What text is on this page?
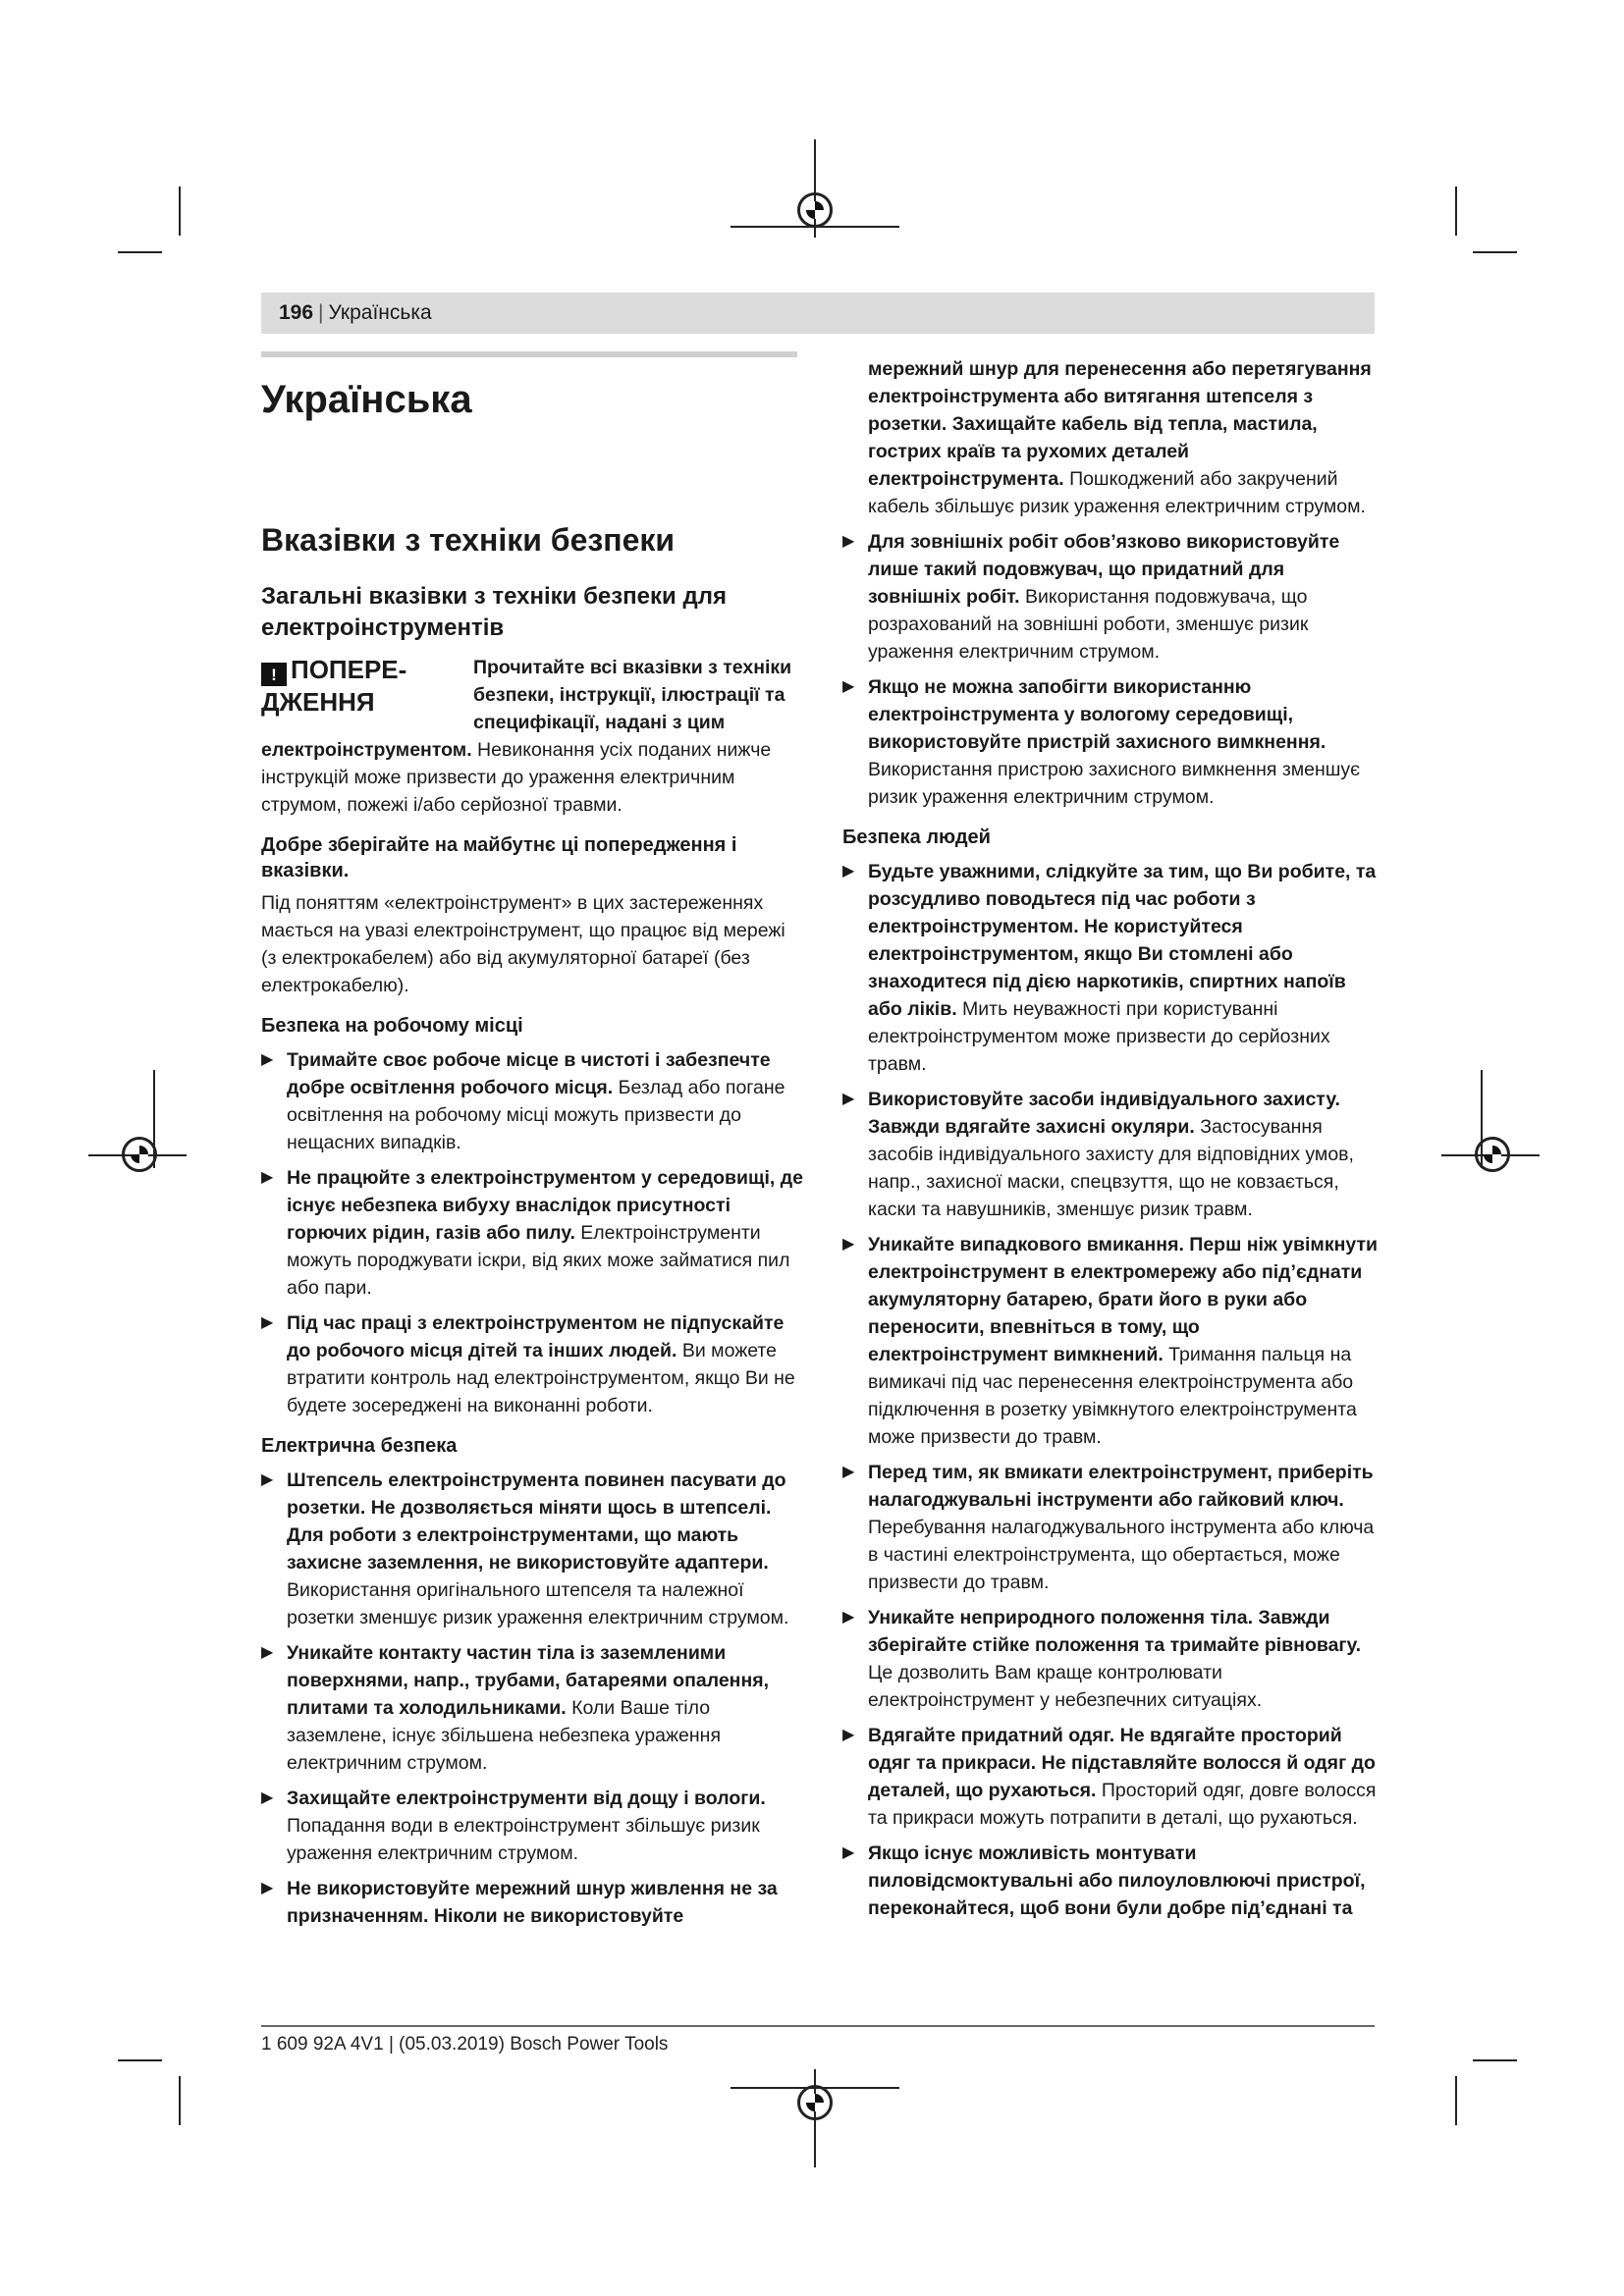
196 | Українська
Українська
Вказівки з техніки безпеки
Загальні вказівки з техніки безпеки для електроінструментів
! ПОПЕРЕ-ДЖЕННЯ
Прочитайте всі вказівки з техніки безпеки, інструкції, ілюстрації та специфікації, надані з цим

електроінструментом. Невиконання усіх поданих нижче інструкцій може призвести до ураження електричним струмом, пожежі і/або серйозної травми.

Добре зберігайте на майбутнє ці попередження і вказівки.

Під поняттям «електроінструмент» в цих застереженнях мається на увазі електроінструмент, що працює від мережі (з електрокабелем) або від акумуляторної батареї (без електрокабелю).

Безпека на робочому місці
▶ Тримайте своє робоче місце в чистоті і забезпечте добре освітлення робочого місця. Безлад або погане освітлення на робочому місці можуть призвести до нещасних випадків.
▶ Не працюйте з електроінструментом у середовищі, де існує небезпека вибуху внаслідок присутності горючих рідин, газів або пилу. Електроінструменти можуть породжувати іскри, від яких може займатися пил або пари.
▶ Під час праці з електроінструментом не підпускайте до робочого місця дітей та інших людей. Ви можете втратити контроль над електроінструментом, якщо Ви не будете зосереджені на виконанні роботи.
Електрична безпека
▶ Штепсель електроінструмента повинен пасувати до розетки. Не дозволяється міняти щось в штепселі. Для роботи з електроінструментами, що мають захисне заземлення, не використовуйте адаптери. Використання оригінального штепселя та належної розетки зменшує ризик ураження електричним струмом.
▶ Уникайте контакту частин тіла із заземленими поверхнями, напр., трубами, батареями опалення, плитами та холодильниками. Коли Ваше тіло заземлене, існує збільшена небезпека ураження електричним струмом.
▶ Захищайте електроінструменти від дощу і вологи. Попадання води в електроінструмент збільшує ризик ураження електричним струмом.
▶ Не використовуйте мережний шнур живлення не за призначенням. Ніколи не використовуйте

мережний шнур для перенесення або перетягування електроінструмента або витягання штепселя з розетки. Захищайте кабель від тепла, мастила, гострих країв та рухомих деталей електроінструмента. Пошкоджений або закручений кабель збільшує ризик ураження електричним струмом.

▶ Для зовнішніх робіт обов’язково використовуйте лише такий подовжувач, що придатний для зовнішніх робіт. Використання подовжувача, що розрахований на зовнішні роботи, зменшує ризик ураження електричним струмом.
▶ Якщо не можна запобігти використанню електроінструмента у вологому середовищі, використовуйте пристрій захисного вимкнення. Використання пристрою захисного вимкнення зменшує ризик ураження електричним струмом.
Безпека людей
▶ Будьте уважними, слідкуйте за тим, що Ви робите, та розсудливо поводьтеся під час роботи з електроінструментом. Не користуйтеся електроінструментом, якщо Ви стомлені або знаходитеся під дією наркотиків, спиртних напоїв або ліків. Мить неуважності при користуванні електроінструментом може призвести до серйозних травм.
▶ Використовуйте засоби індивідуального захисту. Завжди вдягайте захисні окуляри. Застосування засобів індивідуального захисту для відповідних умов, напр., захисної маски, спецвзуття, що не ковзається, каски та навушників, зменшує ризик травм.
▶ Уникайте випадкового вмикання. Перш ніж увімкнути електроінструмент в електромережу або під’єднати акумуляторну батарею, брати його в руки або переносити, впевніться в тому, що електроінструмент вимкнений. Тримання пальця на вимикачі під час перенесення електроінструмента або підключення в розетку увімкнутого електроінструмента може призвести до травм.
▶ Перед тим, як вмикати електроінструмент, приберіть налагоджувальні інструменти або гайковий ключ. Перебування налагоджувального інструмента або ключа в частині електроінструмента, що обертається, може призвести до травм.
▶ Уникайте неприродного положення тіла. Завжди зберігайте стійке положення та тримайте рівновагу. Це дозволить Вам краще контролювати електроінструмент у небезпечних ситуаціях.
▶ Вдягайте придатний одяг. Не вдягайте просторий одяг та прикраси. Не підставляйте волосся й одяг до деталей, що рухаються. Просторий одяг, довге волосся та прикраси можуть потрапити в деталі, що рухаються.
▶ Якщо існує можливість монтувати пиловідсмоктувальні або пилоуловлюючі пристрої, переконайтеся, щоб вони були добре під’єднані та
1 609 92A 4V1 | (05.03.2019) Bosch Power Tools
